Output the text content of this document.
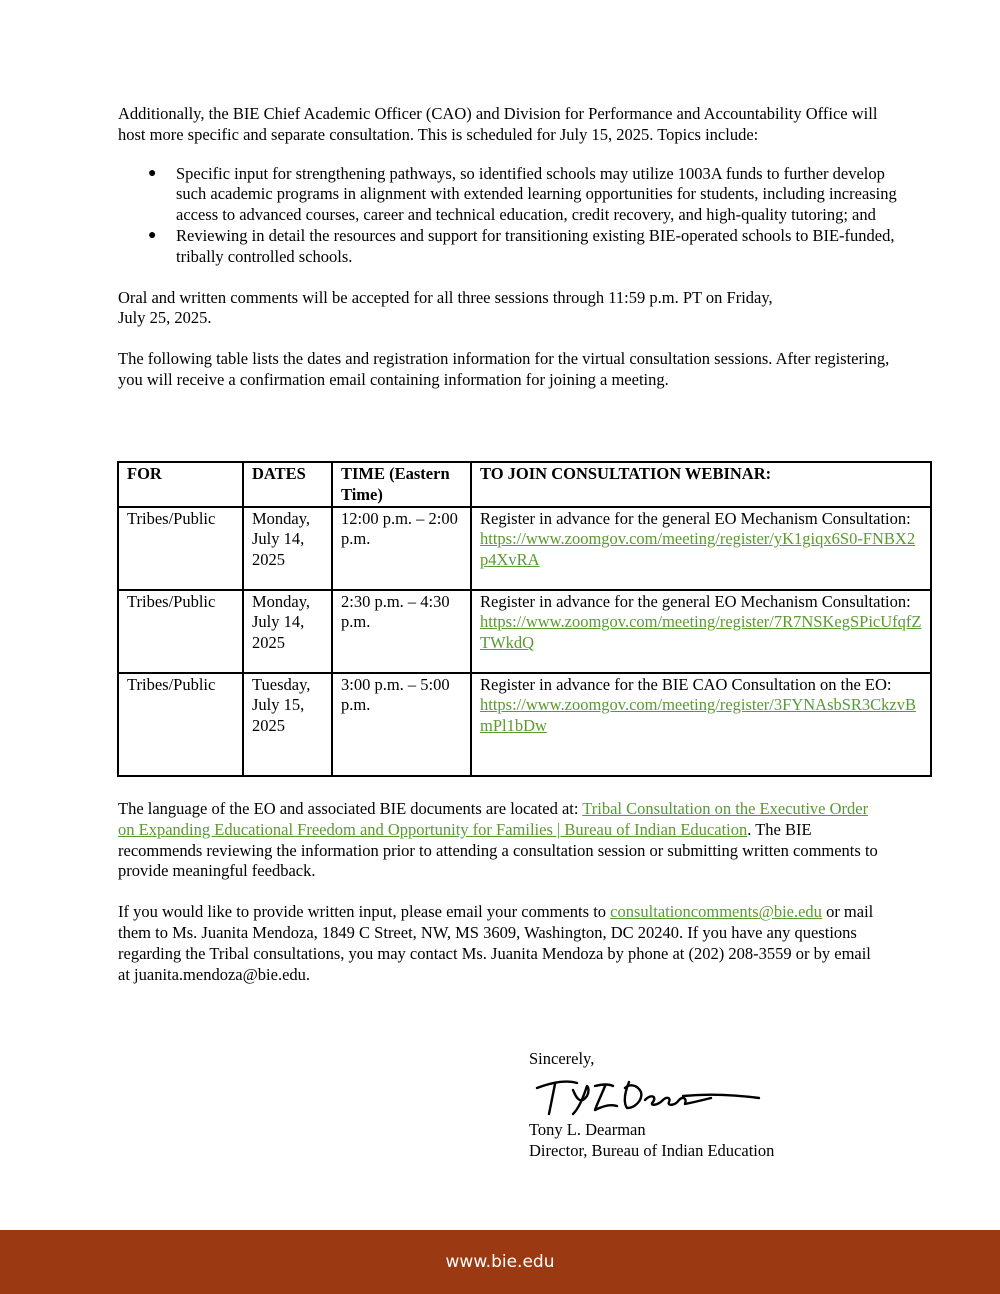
Additionally, the BIE Chief Academic Officer (CAO) and Division for Performance and Accountability Office will host more specific and separate consultation. This is scheduled for July 15, 2025. Topics include:

● Specific input for strengthening pathways, so identified schools may utilize 1003A funds to further develop such academic programs in alignment with extended learning opportunities for students, including increasing access to advanced courses, career and technical education, credit recovery, and high-quality tutoring; and
● Reviewing in detail the resources and support for transitioning existing BIE-operated schools to BIE-funded, tribally controlled schools.

Oral and written comments will be accepted for all three sessions through 11:59 p.m. PT on Friday, July 25, 2025.

The following table lists the dates and registration information for the virtual consultation sessions. After registering, you will receive a confirmation email containing information for joining a meeting.

FOR	DATES	TIME (Eastern Time)	TO JOIN CONSULTATION WEBINAR:
Tribes/Public	Monday, July 14, 2025	12:00 p.m. – 2:00 p.m.	Register in advance for the general EO Mechanism Consultation:
https://www.zoomgov.com/meeting/register/yK1giqx6S0-FNBX2p4XvRA
Tribes/Public	Monday, July 14, 2025	2:30 p.m. – 4:30 p.m.	Register in advance for the general EO Mechanism Consultation:
https://www.zoomgov.com/meeting/register/7R7NSKegSPicUfqfZTWkdQ
Tribes/Public	Tuesday, July 15, 2025	3:00 p.m. – 5:00 p.m.	Register in advance for the BIE CAO Consultation on the EO:
https://www.zoomgov.com/meeting/register/3FYNAsbSR3CkzvBmPl1bDw

The language of the EO and associated BIE documents are located at: Tribal Consultation on the Executive Order on Expanding Educational Freedom and Opportunity for Families | Bureau of Indian Education. The BIE recommends reviewing the information prior to attending a consultation session or submitting written comments to provide meaningful feedback.

If you would like to provide written input, please email your comments to consultationcomments@bie.edu or mail them to Ms. Juanita Mendoza, 1849 C Street, NW, MS 3609, Washington, DC 20240. If you have any questions regarding the Tribal consultations, you may contact Ms. Juanita Mendoza by phone at (202) 208-3559 or by email at juanita.mendoza@bie.edu.

Sincerely,

Tony L. Dearman

Director, Bureau of Indian Education

www.bie.edu
